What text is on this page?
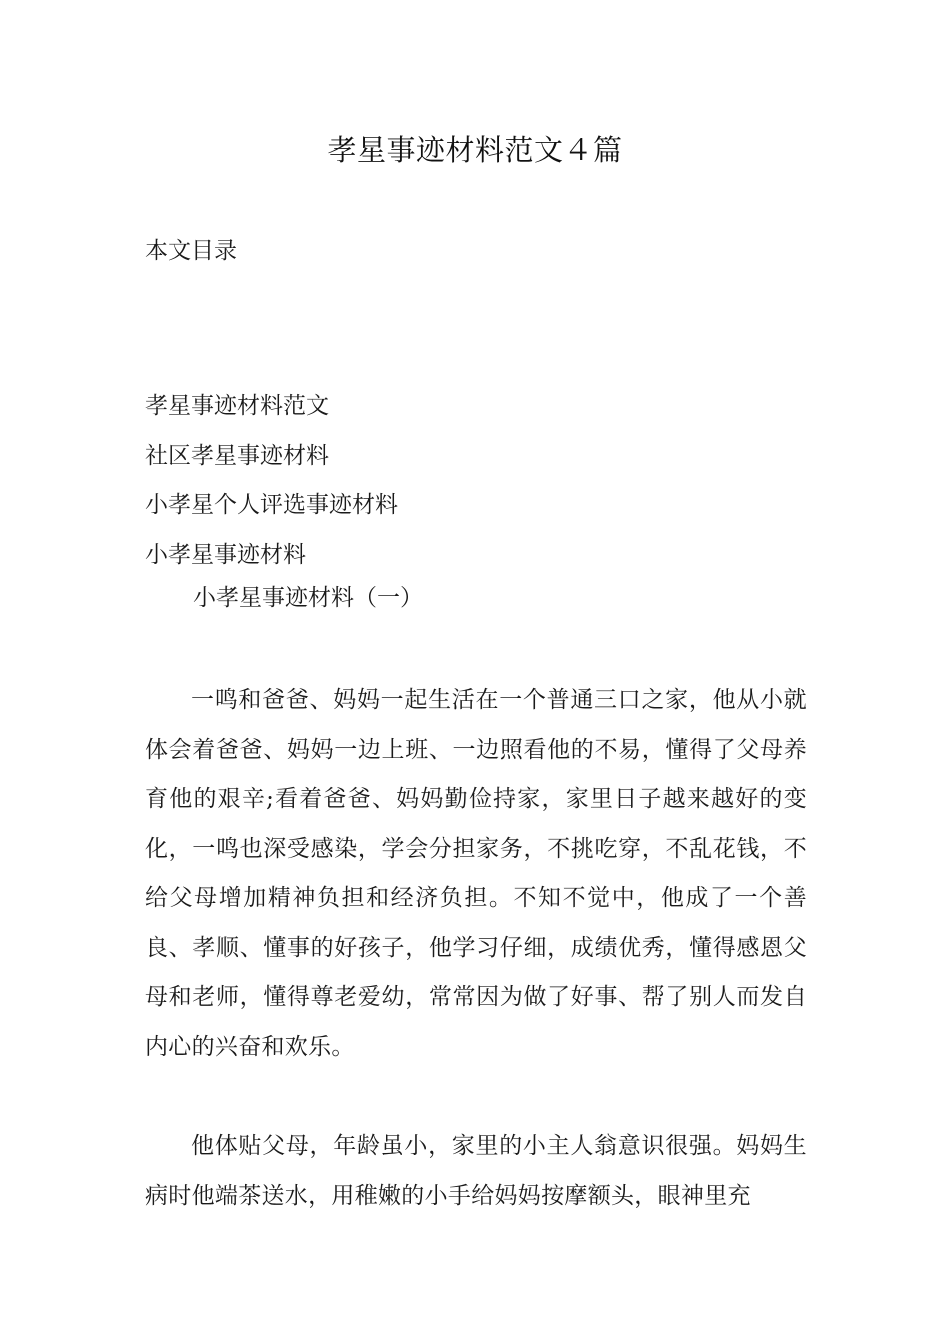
孝星事迹材料范文４篇
本文目录
孝星事迹材料范文
社区孝星事迹材料
小孝星个人评选事迹材料
小孝星事迹材料
小孝星事迹材料（一）

一鸣和爸爸、妈妈一起生活在一个普通三口之家，他从小就体会着爸爸、妈妈一边上班、一边照看他的不易，懂得了父母养育他的艰辛;看着爸爸、妈妈勤俭持家，家里日子越来越好的变化，一鸣也深受感染，学会分担家务，不挑吃穿，不乱花钱，不给父母增加精神负担和经济负担。不知不觉中，他成了一个善良、孝顺、懂事的好孩子，他学习仔细，成绩优秀，懂得感恩父母和老师，懂得尊老爱幼，常常因为做了好事、帮了别人而发自内心的兴奋和欢乐。

他体贴父母，年龄虽小，家里的小主人翁意识很强。妈妈生病时他端茶送水，用稚嫩的小手给妈妈按摩额头，眼神里充
